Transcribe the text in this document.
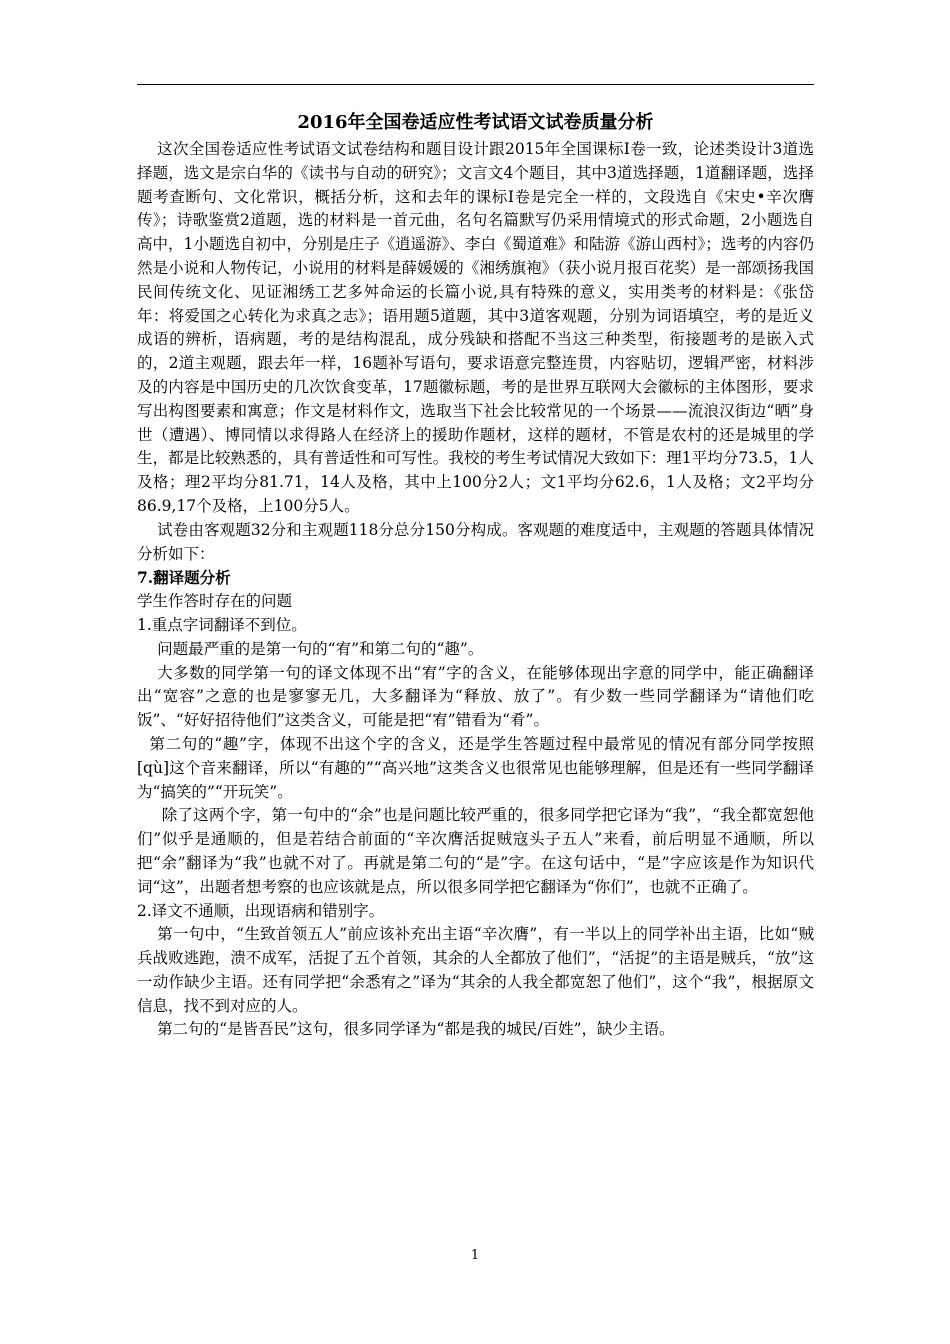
2016年全国卷适应性考试语文试卷质量分析

这次全国卷适应性考试语文试卷结构和题目设计跟2015年全国课标Ⅰ卷一致，论述类设计3道选择题，选文是宗白华的《读书与自动的研究》；文言文4个题目，其中3道选择题，1道翻译题，选择题考查断句、文化常识，概括分析，这和去年的课标Ⅰ卷是完全一样的，文段选自《宋史•辛次膺传》；诗歌鉴赏2道题，选的材料是一首元曲，名句名篇默写仍采用情境式的形式命题，2小题选自高中，1小题选自初中，分别是庄子《逍遥游》、李白《蜀道难》和陆游《游山西村》；选考的内容仍然是小说和人物传记，小说用的材料是薛媛媛的《湘绣旗袍》（获小说月报百花奖）是一部颂扬我国民间传统文化、见证湘绣工艺多舛命运的长篇小说,具有特殊的意义，实用类考的材料是：《张岱年：将爱国之心转化为求真之志》；语用题5道题，其中3道客观题，分别为词语填空，考的是近义成语的辨析，语病题，考的是结构混乱，成分残缺和搭配不当这三种类型，衔接题考的是嵌入式的，2道主观题，跟去年一样，16题补写语句，要求语意完整连贯，内容贴切，逻辑严密，材料涉及的内容是中国历史的几次饮食变革，17题徽标题，考的是世界互联网大会徽标的主体图形，要求写出构图要素和寓意；作文是材料作文，选取当下社会比较常见的一个场景——流浪汉街边“晒”身世（遭遇）、博同情以求得路人在经济上的援助作题材，这样的题材，不管是农村的还是城里的学生，都是比较熟悉的，具有普适性和可写性。我校的考生考试情况大致如下：理1平均分73.5，1人及格；理2平均分81.71，14人及格，其中上100分2人；文1平均分62.6，1人及格；文2平均分86.9,17个及格，上100分5人。

试卷由客观题32分和主观题118分总分150分构成。客观题的难度适中，主观题的答题具体情况分析如下：

7.翻译题分析

学生作答时存在的问题

1.重点字词翻译不到位。

问题最严重的是第一句的“宥”和第二句的“趣”。

大多数的同学第一句的译文体现不出“宥”字的含义，在能够体现出字意的同学中，能正确翻译出“宽容”之意的也是寥寥无几，大多翻译为“释放、放了”。有少数一些同学翻译为“请他们吃饭”、“好好招待他们”这类含义，可能是把“宥”错看为“肴”。

第二句的“趣”字，体现不出这个字的含义，还是学生答题过程中最常见的情况有部分同学按照[qù]这个音来翻译，所以“有趣的”“高兴地”这类含义也很常见也能够理解，但是还有一些同学翻译为“搞笑的”“开玩笑”。

除了这两个字，第一句中的“余”也是问题比较严重的，很多同学把它译为“我”，“我全都宽恕他们”似乎是通顺的，但是若结合前面的“辛次膺活捉贼寇头子五人”来看，前后明显不通顺，所以把“余”翻译为“我”也就不对了。再就是第二句的“是”字。在这句话中，“是”字应该是作为知识代词“这”，出题者想考察的也应该就是点，所以很多同学把它翻译为“你们”，也就不正确了。

2.译文不通顺，出现语病和错别字。

第一句中，“生致首领五人”前应该补充出主语“辛次膺”，有一半以上的同学补出主语，比如“贼兵战败逃跑，溃不成军，活捉了五个首领，其余的人全都放了他们”，“活捉”的主语是贼兵，“放”这一动作缺少主语。还有同学把“余悉宥之”译为“其余的人我全都宽恕了他们”，这个“我”，根据原文信息，找不到对应的人。

第二句的“是皆吾民”这句，很多同学译为“都是我的城民/百姓”，缺少主语。

1
